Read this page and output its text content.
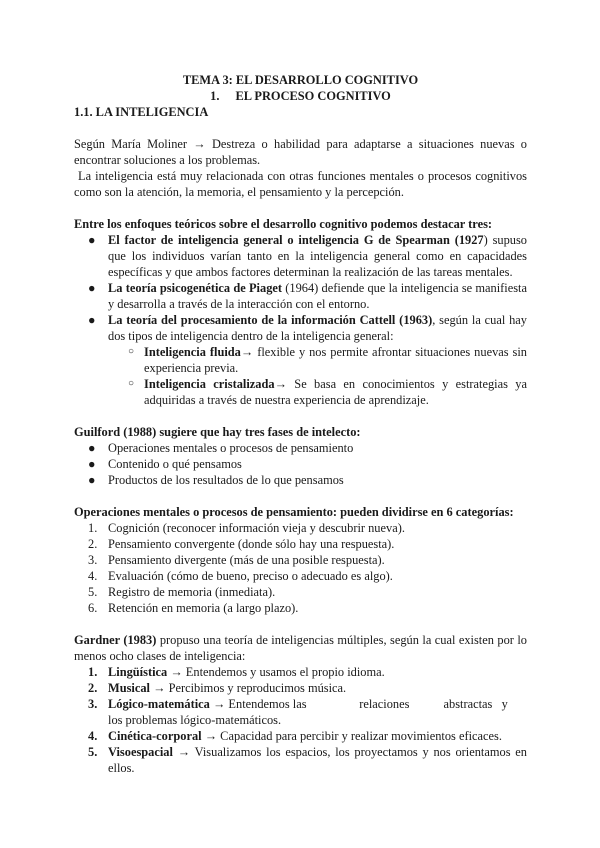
TEMA 3: EL DESARROLLO COGNITIVO

1. EL PROCESO COGNITIVO

1.1. LA INTELIGENCIA

Según María Moliner → Destreza o habilidad para adaptarse a situaciones nuevas o encontrar soluciones a los problemas.

La inteligencia está muy relacionada con otras funciones mentales o procesos cognitivos como son la atención, la memoria, el pensamiento y la percepción.

Entre los enfoques teóricos sobre el desarrollo cognitivo podemos destacar tres:

● El factor de inteligencia general o inteligencia G de Spearman (1927) supuso que los individuos varían tanto en la inteligencia general como en capacidades específicas y que ambos factores determinan la realización de las tareas mentales.
● La teoría psicogenética de Piaget (1964) defiende que la inteligencia se manifiesta y desarrolla a través de la interacción con el entorno.
● La teoría del procesamiento de la información Cattell (1963), según la cual hay dos tipos de inteligencia dentro de la inteligencia general:
○ Inteligencia fluida→ flexible y nos permite afrontar situaciones nuevas sin experiencia previa.
○ Inteligencia cristalizada→ Se basa en conocimientos y estrategias ya adquiridas a través de nuestra experiencia de aprendizaje.

Guilford (1988) sugiere que hay tres fases de intelecto:

● Operaciones mentales o procesos de pensamiento
● Contenido o qué pensamos
● Productos de los resultados de lo que pensamos

Operaciones mentales o procesos de pensamiento: pueden dividirse en 6 categorías:

1. Cognición (reconocer información vieja y descubrir nueva).
2. Pensamiento convergente (donde sólo hay una respuesta).
3. Pensamiento divergente (más de una posible respuesta).
4. Evaluación (cómo de bueno, preciso o adecuado es algo).
5. Registro de memoria (inmediata).
6. Retención en memoria (a largo plazo).

Gardner (1983) propuso una teoría de inteligencias múltiples, según la cual existen por lo menos ocho clases de inteligencia:

1. Lingüística → Entendemos y usamos el propio idioma.
2. Musical → Percibimos y reproducimos música.
3. Lógico-matemática → Entendemos las                 relaciones           abstractas   y   los problemas lógico-matemáticos.
4. Cinética-corporal → Capacidad para percibir y realizar movimientos eficaces.
5. Visoespacial → Visualizamos los espacios, los proyectamos y nos orientamos en ellos.
